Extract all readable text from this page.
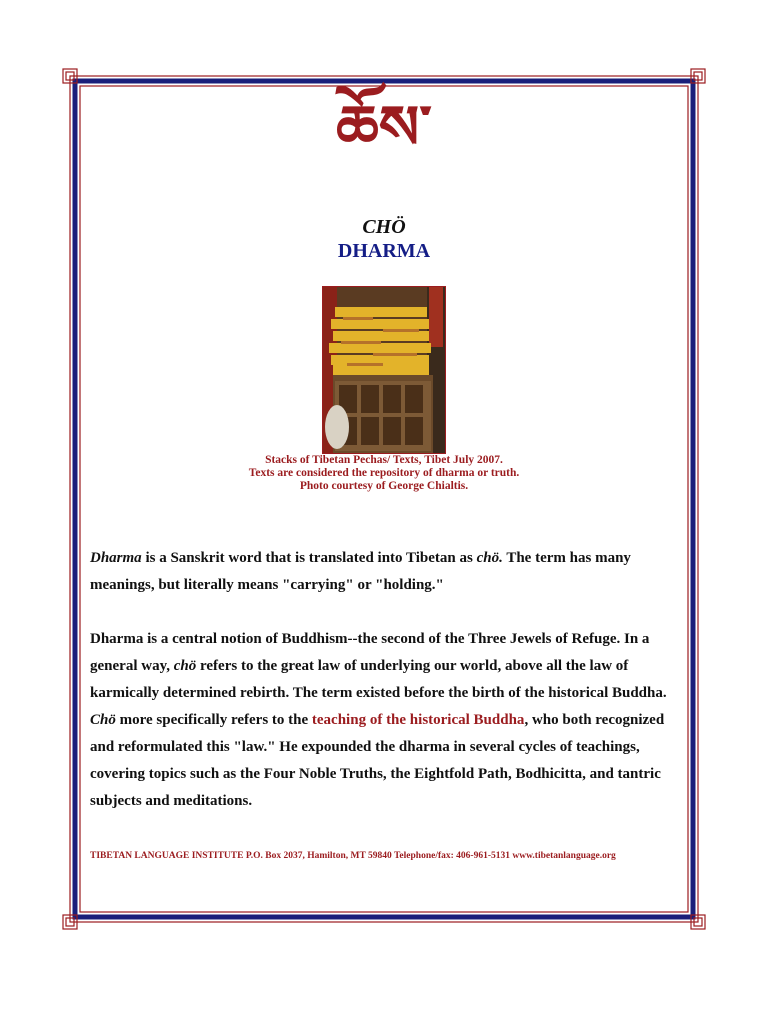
ཆོས་
CHÖ
DHARMA
Stacks of Tibetan Pechas/ Texts, Tibet July 2007.
Texts are considered the repository of dharma or truth.
Photo courtesy of George Chialtis.

Dharma is a Sanskrit word that is translated into Tibetan as chö. The term has many meanings, but literally means "carrying" or "holding."

Dharma is a central notion of Buddhism--the second of the Three Jewels of Refuge. In a general way, chö refers to the great law of underlying our world, above all the law of karmically determined rebirth. The term existed before the birth of the historical Buddha. Chö more specifically refers to the teaching of the historical Buddha, who both recognized and reformulated this "law." He expounded the dharma in several cycles of teachings, covering topics such as the Four Noble Truths, the Eightfold Path, Bodhicitta, and tantric subjects and meditations.

TIBETAN LANGUAGE INSTITUTE P.O. Box 2037, Hamilton, MT 59840 Telephone/fax: 406-961-5131 www.tibetanlanguage.org
